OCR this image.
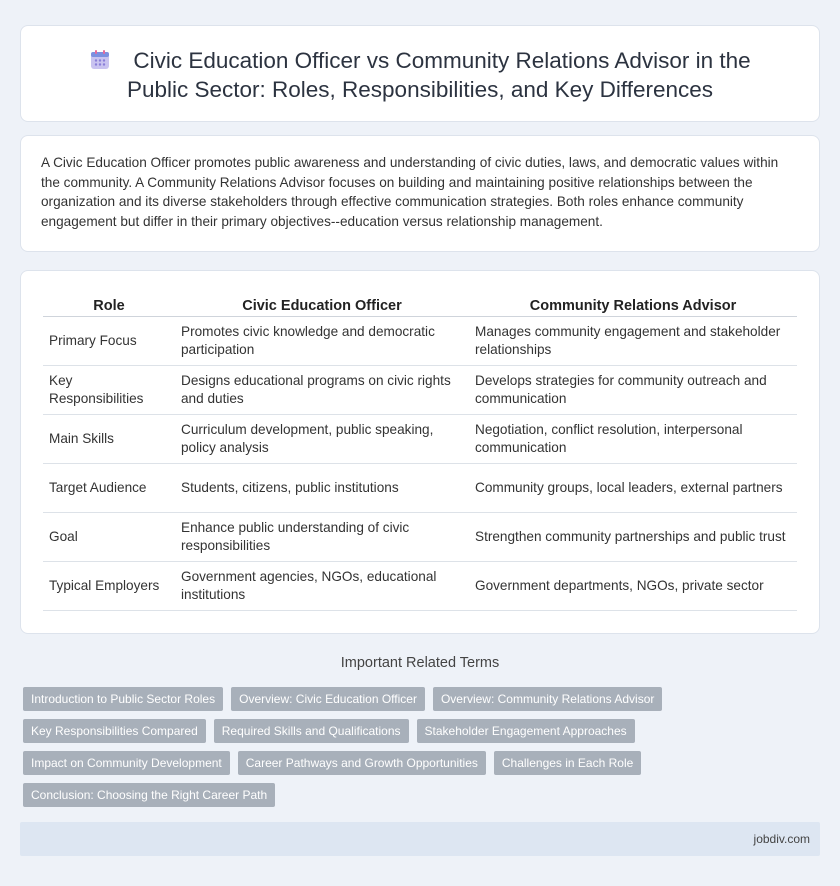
Civic Education Officer vs Community Relations Advisor in the Public Sector: Roles, Responsibilities, and Key Differences

A Civic Education Officer promotes public awareness and understanding of civic duties, laws, and democratic values within the community. A Community Relations Advisor focuses on building and maintaining positive relationships between the organization and its diverse stakeholders through effective communication strategies. Both roles enhance community engagement but differ in their primary objectives--education versus relationship management.

Role	Civic Education Officer	Community Relations Advisor
Primary Focus	Promotes civic knowledge and democratic participation	Manages community engagement and stakeholder relationships
Key Responsibilities	Designs educational programs on civic rights and duties	Develops strategies for community outreach and communication
Main Skills	Curriculum development, public speaking, policy analysis	Negotiation, conflict resolution, interpersonal communication
Target Audience	Students, citizens, public institutions	Community groups, local leaders, external partners
Goal	Enhance public understanding of civic responsibilities	Strengthen community partnerships and public trust
Typical Employers	Government agencies, NGOs, educational institutions	Government departments, NGOs, private sector
Important Related Terms
Introduction to Public Sector Roles	Overview: Civic Education Officer	Overview: Community Relations Advisor
Key Responsibilities Compared	Required Skills and Qualifications	Stakeholder Engagement Approaches
Impact on Community Development	Career Pathways and Growth Opportunities	Challenges in Each Role
Conclusion: Choosing the Right Career Path
jobdiv.com
